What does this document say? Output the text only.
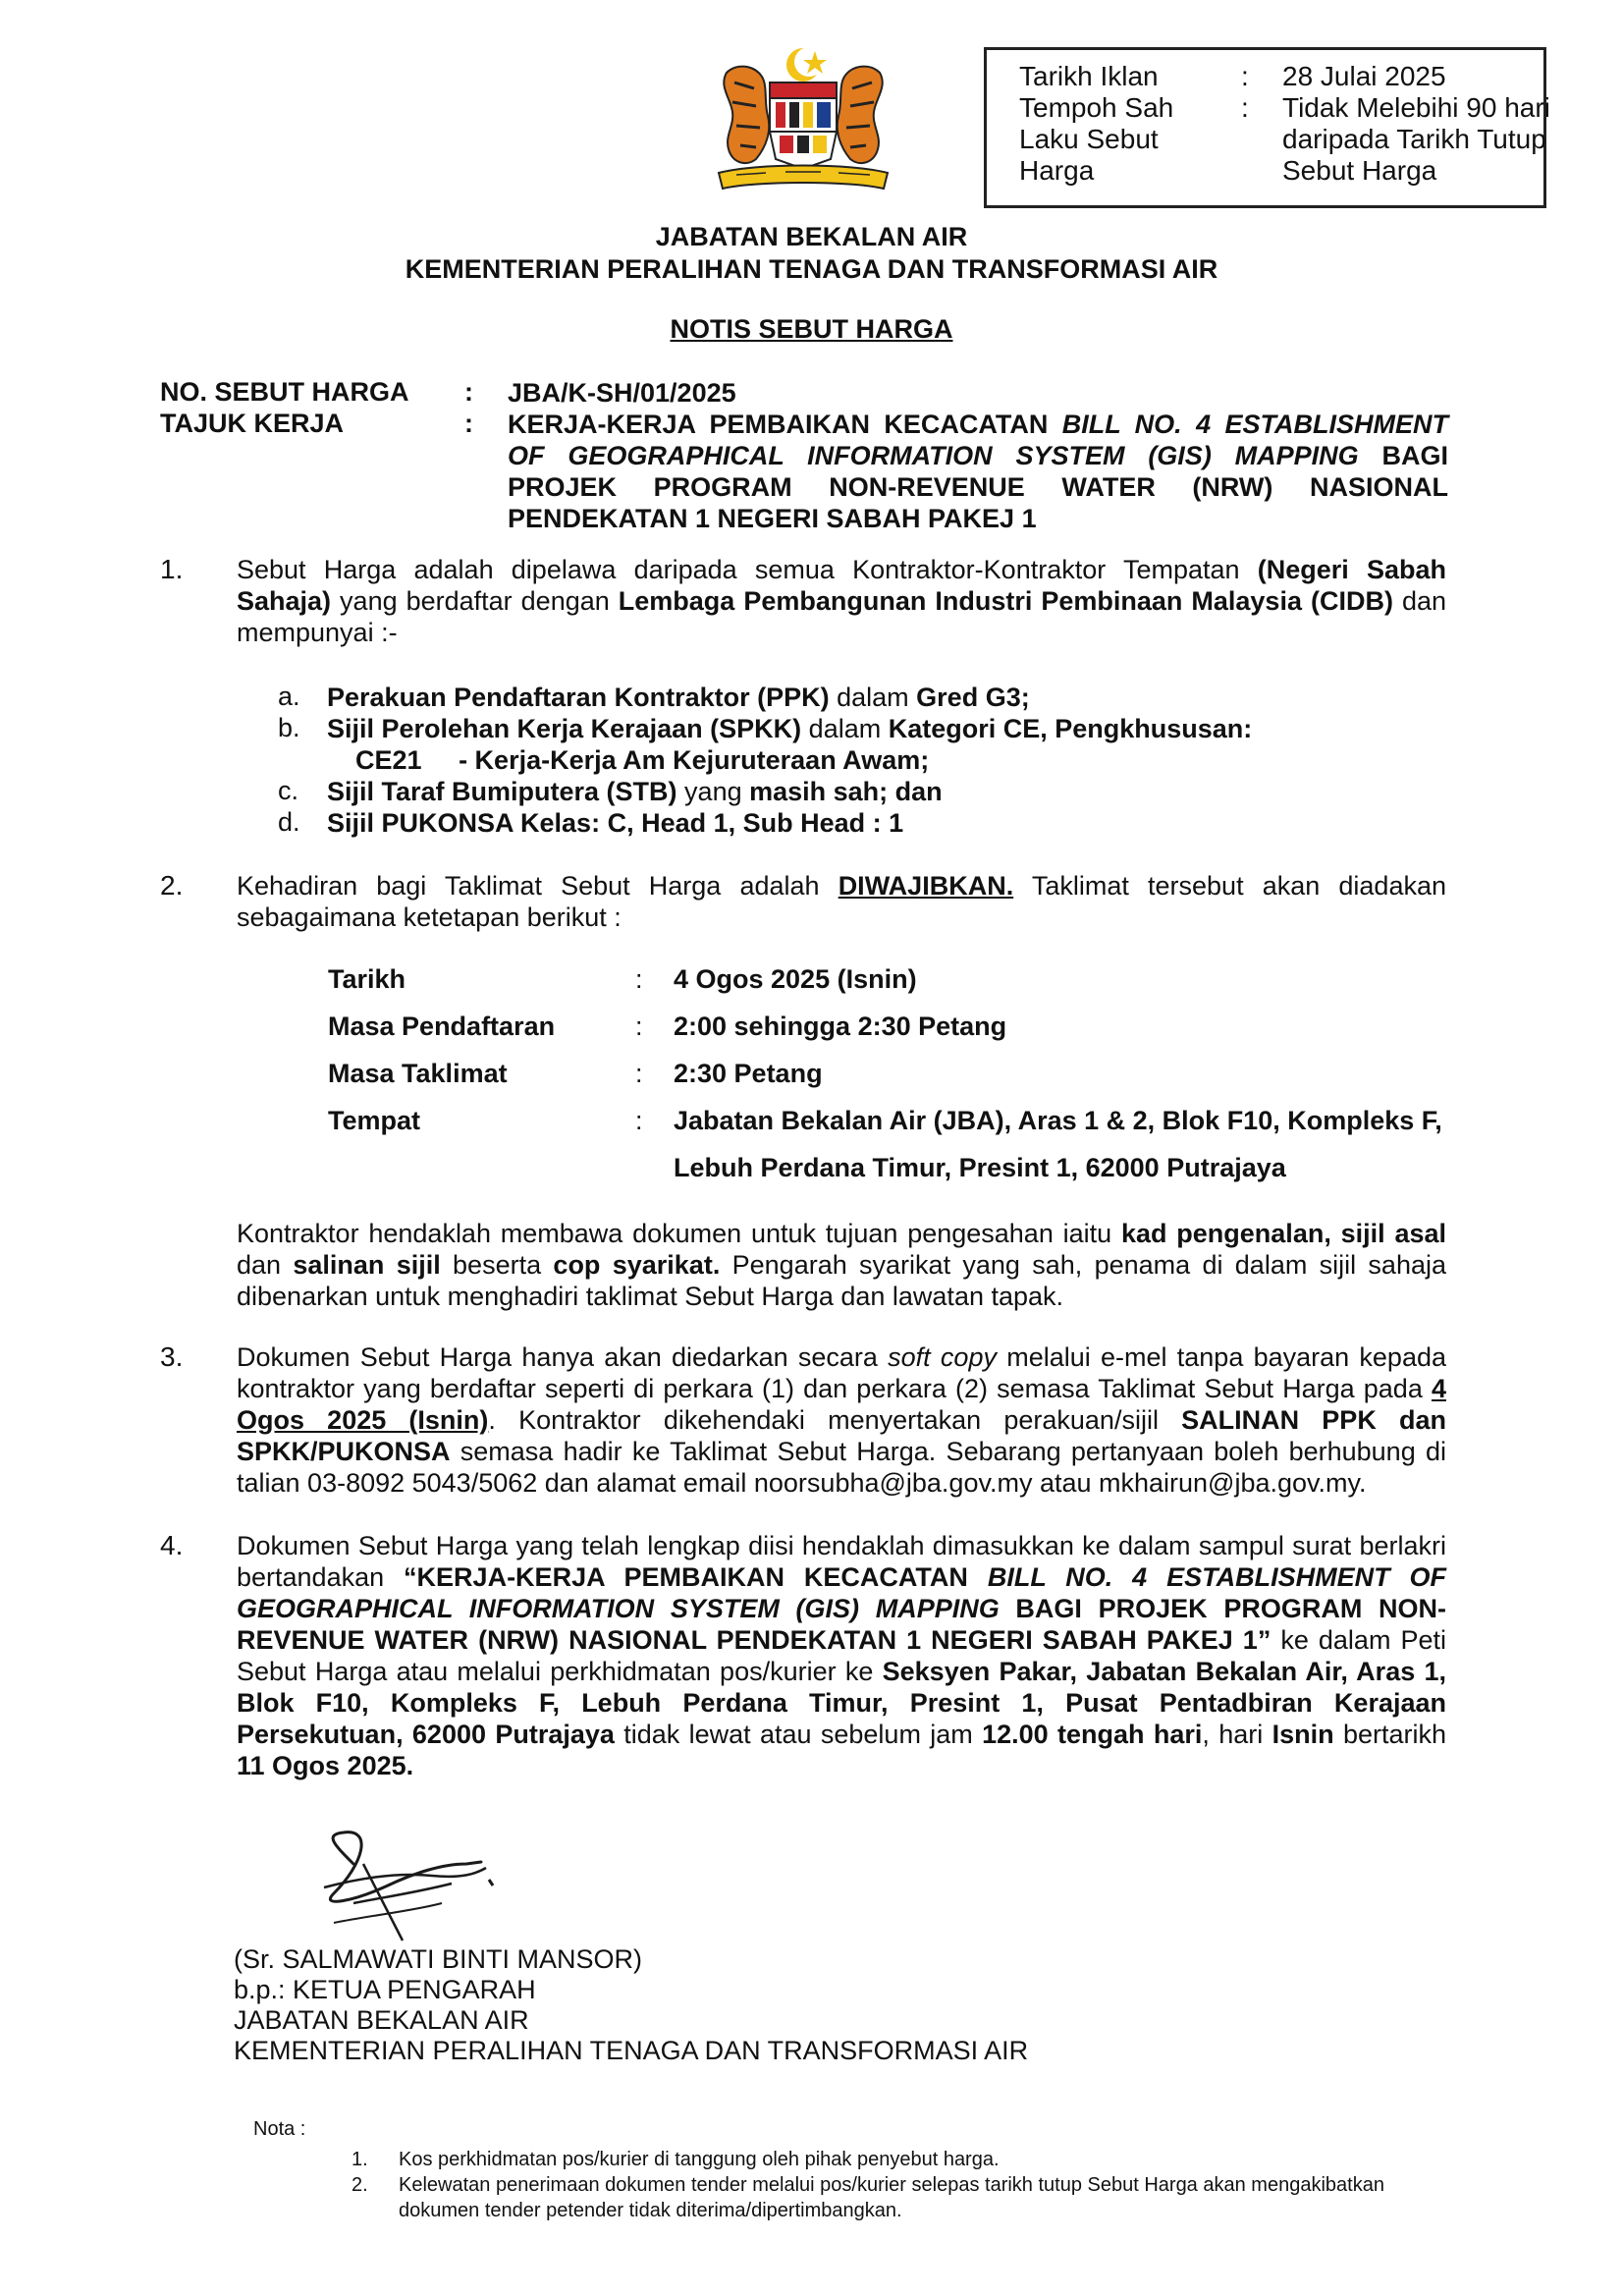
Tarikh Iklan	: 28 Julai 2025
Tempoh Sah	: Tidak Melebihi 90 hari
Laku Sebut	daripada Tarikh Tutup
Harga	Sebut Harga
JABATAN BEKALAN AIR
KEMENTERIAN PERALIHAN TENAGA DAN TRANSFORMASI AIR
NOTIS SEBUT HARGA
NO. SEBUT HARGA : JBA/K-SH/01/2025
TAJUK KERJA	: KERJA-KERJA PEMBAIKAN KECACATAN BILL NO. 4 ESTABLISHMENT OF GEOGRAPHICAL INFORMATION SYSTEM (GIS) MAPPING BAGI PROJEK PROGRAM NON-REVENUE WATER (NRW) NASIONAL PENDEKATAN 1 NEGERI SABAH PAKEJ 1
1. Sebut Harga adalah dipelawa daripada semua Kontraktor-Kontraktor Tempatan (Negeri Sabah Sahaja) yang berdaftar dengan Lembaga Pembangunan Industri Pembinaan Malaysia (CIDB) dan mempunyai :-
a. Perakuan Pendaftaran Kontraktor (PPK) dalam Gred G3;
b. Sijil Perolehan Kerja Kerajaan (SPKK) dalam Kategori CE, Pengkhususan:
CE21 - Kerja-Kerja Am Kejuruteraan Awam;
c. Sijil Taraf Bumiputera (STB) yang masih sah; dan
d. Sijil PUKONSA Kelas: C, Head 1, Sub Head : 1
2. Kehadiran bagi Taklimat Sebut Harga adalah DIWAJIBKAN. Taklimat tersebut akan diadakan sebagaimana ketetapan berikut :
Tarikh	: 4 Ogos 2025 (Isnin)
Masa Pendaftaran	: 2:00 sehingga 2:30 Petang
Masa Taklimat	: 2:30 Petang
Tempat	: Jabatan Bekalan Air (JBA), Aras 1 & 2, Blok F10, Kompleks F,
Lebuh Perdana Timur, Presint 1, 62000 Putrajaya
Kontraktor hendaklah membawa dokumen untuk tujuan pengesahan iaitu kad pengenalan, sijil asal dan salinan sijil beserta cop syarikat. Pengarah syarikat yang sah, penama di dalam sijil sahaja dibenarkan untuk menghadiri taklimat Sebut Harga dan lawatan tapak.
3. Dokumen Sebut Harga hanya akan diedarkan secara soft copy melalui e-mel tanpa bayaran kepada kontraktor yang berdaftar seperti di perkara (1) dan perkara (2) semasa Taklimat Sebut Harga pada 4 Ogos 2025 (Isnin). Kontraktor dikehendaki menyertakan perakuan/sijil SALINAN PPK dan SPKK/PUKONSA semasa hadir ke Taklimat Sebut Harga. Sebarang pertanyaan boleh berhubung di talian 03-8092 5043/5062 dan alamat email noorsubha@jba.gov.my atau mkhairun@jba.gov.my.
4. Dokumen Sebut Harga yang telah lengkap diisi hendaklah dimasukkan ke dalam sampul surat berlakri bertandakan “KERJA-KERJA PEMBAIKAN KECACATAN BILL NO. 4 ESTABLISHMENT OF GEOGRAPHICAL INFORMATION SYSTEM (GIS) MAPPING BAGI PROJEK PROGRAM NON-REVENUE WATER (NRW) NASIONAL PENDEKATAN 1 NEGERI SABAH PAKEJ 1” ke dalam Peti Sebut Harga atau melalui perkhidmatan pos/kurier ke Seksyen Pakar, Jabatan Bekalan Air, Aras 1, Blok F10, Kompleks F, Lebuh Perdana Timur, Presint 1, Pusat Pentadbiran Kerajaan Persekutuan, 62000 Putrajaya tidak lewat atau sebelum jam 12.00 tengah hari, hari Isnin bertarikh 11 Ogos 2025.
(Sr. SALMAWATI BINTI MANSOR)
b.p.: KETUA PENGARAH
JABATAN BEKALAN AIR
KEMENTERIAN PERALIHAN TENAGA DAN TRANSFORMASI AIR
Nota :
1. Kos perkhidmatan pos/kurier di tanggung oleh pihak penyebut harga.
2. Kelewatan penerimaan dokumen tender melalui pos/kurier selepas tarikh tutup Sebut Harga akan mengakibatkan
dokumen tender petender tidak diterima/dipertimbangkan.
